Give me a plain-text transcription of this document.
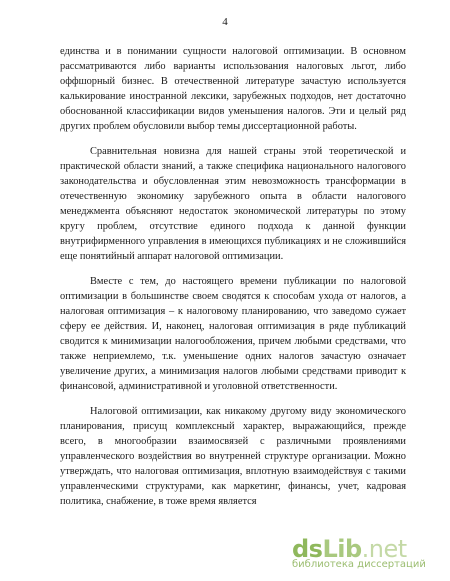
4
единства и в понимании сущности налоговой оптимизации. В основном
рассматриваются либо варианты использования налоговых льгот, либо
оффшорный бизнес. В отечественной литературе зачастую используется
калькирование иностранной лексики, зарубежных подходов, нет достаточно
обоснованной классификации видов уменьшения налогов. Эти и целый ряд
других проблем обусловили выбор темы диссертационной работы.
Сравнительная новизна для нашей страны этой теоретической и
практической области знаний, а также специфика национального налогового
законодательства и обусловленная этим невозможность трансформации в
отечественную экономику зарубежного опыта в области налогового
менеджмента объясняют недостаток экономической литературы по этому
кругу проблем, отсутствие единого подхода к данной функции
внутрифирменного управления в имеющихся публикациях и не сложившийся
еще понятийный аппарат налоговой оптимизации.
Вместе с тем, до настоящего времени публикации по налоговой
оптимизации в большинстве своем сводятся к способам ухода от налогов, а
налоговая оптимизация – к налоговому планированию, что заведомо сужает
сферу ее действия. И, наконец, налоговая оптимизация в ряде публикаций
сводится к минимизации налогообложения, причем любыми средствами, что
также неприемлемо, т.к. уменьшение одних налогов зачастую означает
увеличение других, а минимизация налогов любыми средствами приводит к
финансовой, административной и уголовной ответственности.
Налоговой оптимизации, как никакому другому виду экономического
планирования, присущ комплексный характер, выражающийся, прежде
всего, в многообразии взаимосвязей с различными проявлениями
управленческого воздействия во внутренней структуре организации. Можно
утверждать, что налоговая оптимизация, вплотную взаимодействуя с такими
управленческими структурами, как маркетинг, финансы, учет, кадровая
политика, снабжение, в тоже время является
dsLib.net
библиотека диссертаций
